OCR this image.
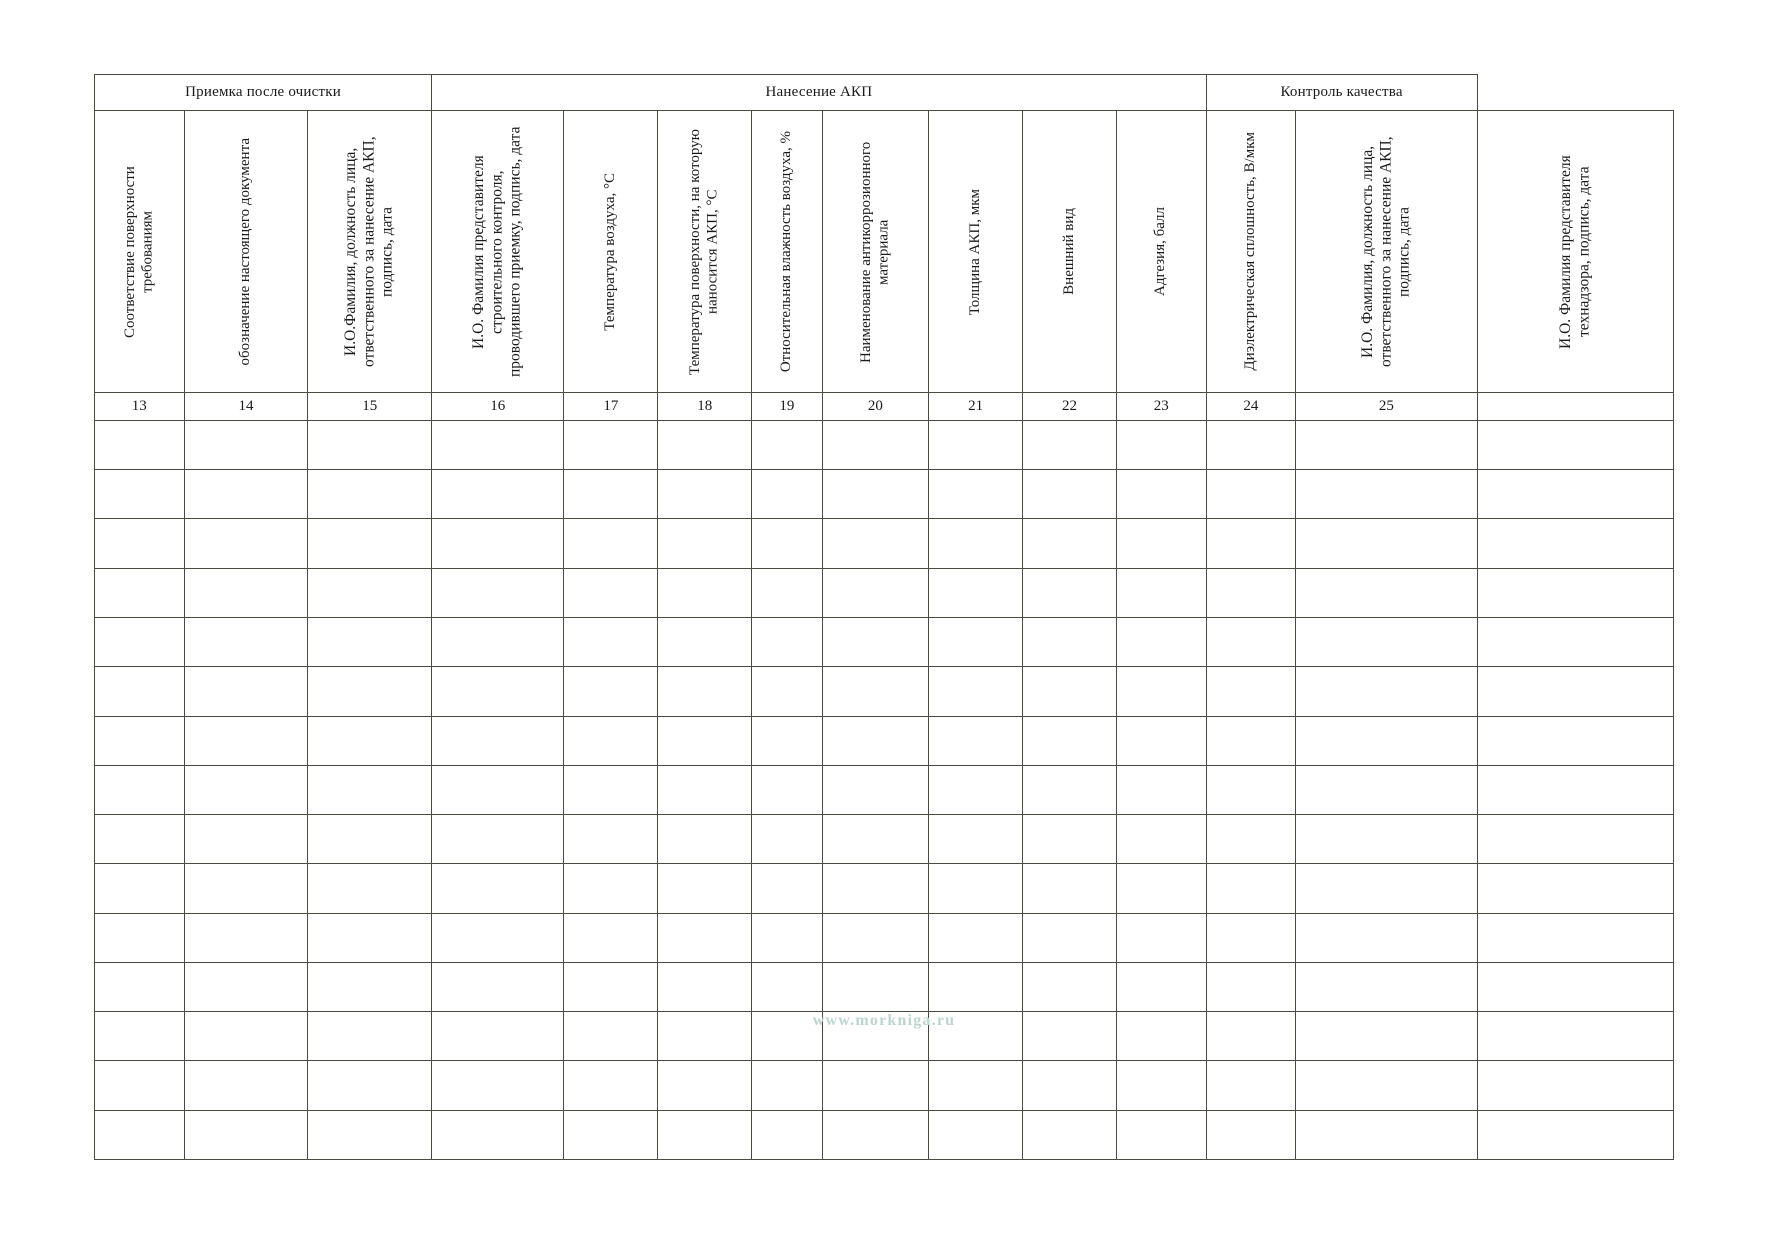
Приемка после очистки			Нанесение АКП								Контроль качества		

Соответствие поверхности требованиям	обозначение настоящего документа	И.О.Фамилия, должность лица, ответственного за нанесение АКП, подпись, дата	И.О. Фамилия представителя строительного контроля, проводившего приемку, подпись, дата	Температура воздуха, °С	Температура поверхности, на которую наносится АКП, °С	Относительная влажность воздуха, %	Наименование антикоррозионного материала	Толщина АКП, мкм	Внешний вид	Адгезия, балл	Диэлектрическая сплошность, В/мкм	И.О. Фамилия, должность лица, ответственного за нанесение АКП, подпись, дата	И.О. Фамилия представителя технадзора, подпись, дата

13	14	15	16	17	18	19	20	21	22	23	24	25	

www.morkniga.ru
